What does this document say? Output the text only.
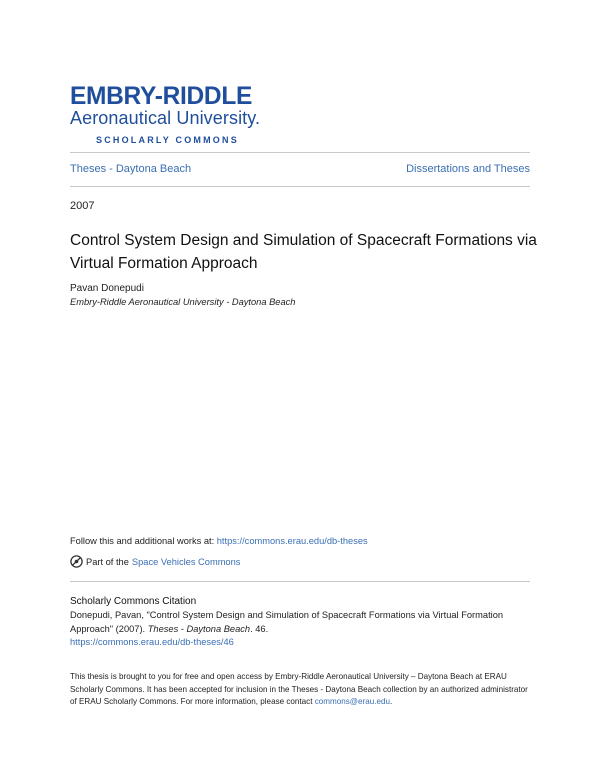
EMBRY-RIDDLE
Aeronautical University.
SCHOLARLY COMMONS
Theses - Daytona Beach	Dissertations and Theses
2007
Control System Design and Simulation of Spacecraft Formations via Virtual Formation Approach
Pavan Donepudi
Embry-Riddle Aeronautical University - Daytona Beach
Follow this and additional works at: https://commons.erau.edu/db-theses
Part of the Space Vehicles Commons
Scholarly Commons Citation
Donepudi, Pavan, "Control System Design and Simulation of Spacecraft Formations via Virtual Formation Approach" (2007). Theses - Daytona Beach. 46.
https://commons.erau.edu/db-theses/46
This thesis is brought to you for free and open access by Embry-Riddle Aeronautical University – Daytona Beach at ERAU Scholarly Commons. It has been accepted for inclusion in the Theses - Daytona Beach collection by an authorized administrator of ERAU Scholarly Commons. For more information, please contact commons@erau.edu.
